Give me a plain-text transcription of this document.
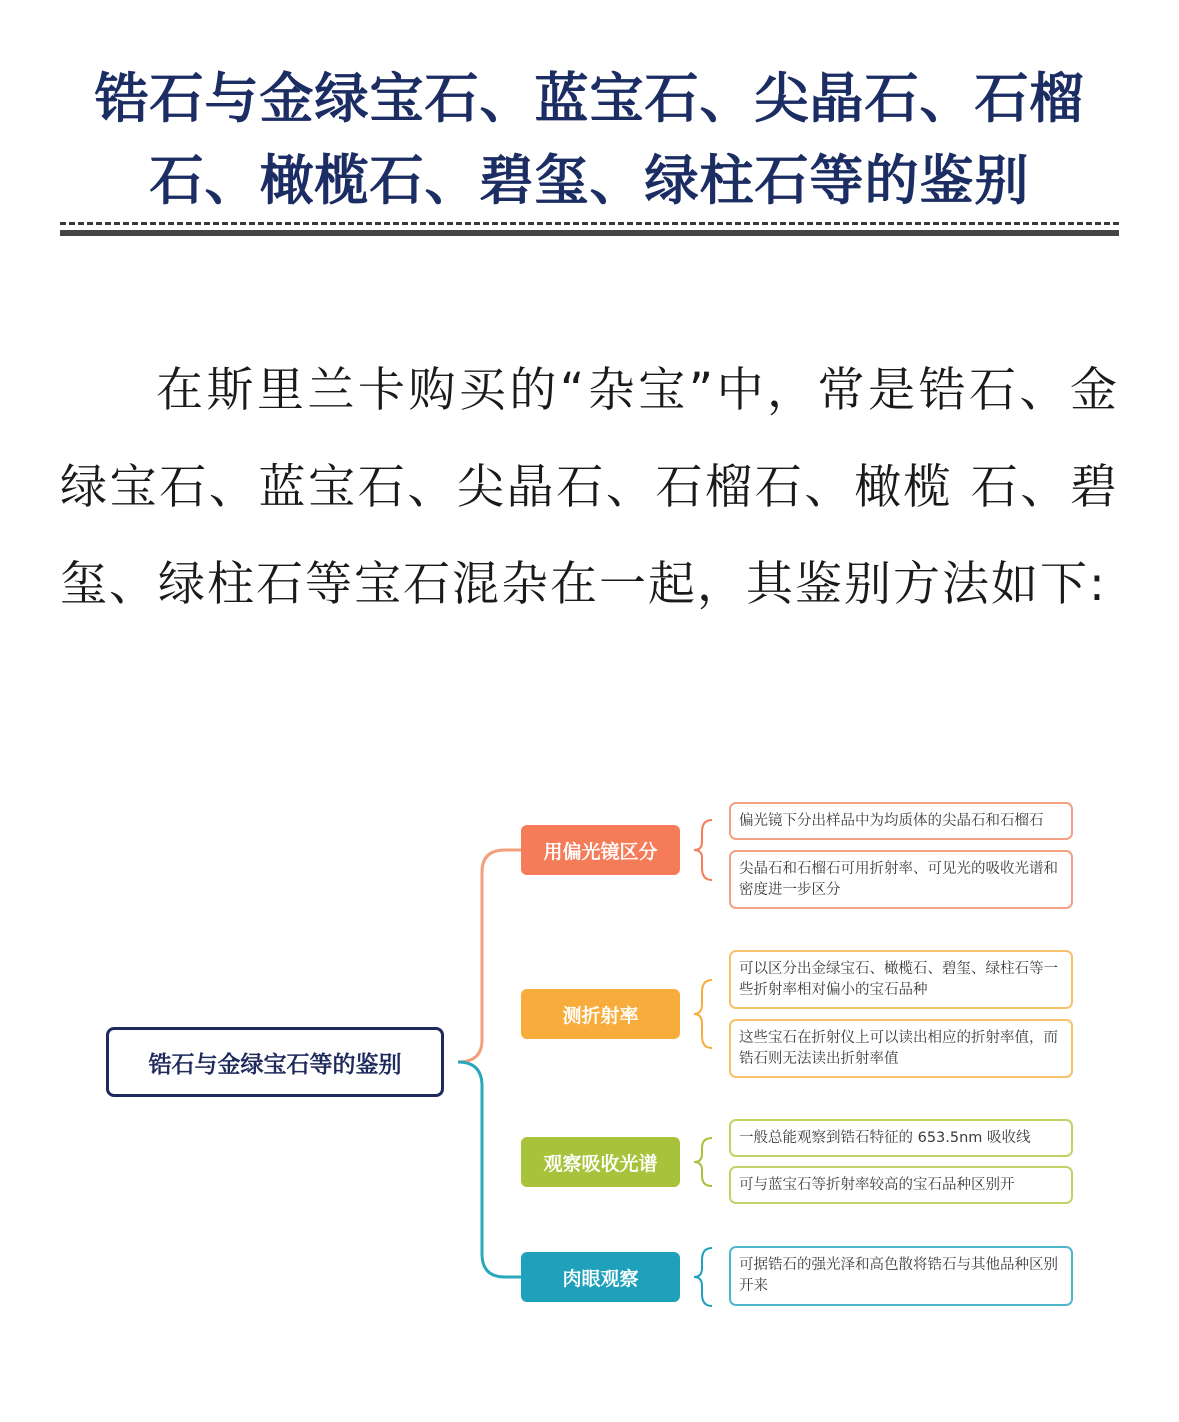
锆石与金绿宝石、蓝宝石、尖晶石、石榴石、橄榄石、碧玺、绿柱石等的鉴别
在斯里兰卡购买的“杂宝”中，常是锆石、金绿宝石、蓝宝石、尖晶石、石榴石、橄榄 石、碧玺、绿柱石等宝石混杂在一起，其鉴别方法如下:
锆石与金绿宝石等的鉴别
用偏光镜区分
测折射率
观察吸收光谱
肉眼观察
偏光镜下分出样品中为均质体的尖晶石和石榴石
尖晶石和石榴石可用折射率、可见光的吸收光谱和密度进一步区分
可以区分出金绿宝石、橄榄石、碧玺、绿柱石等一些折射率相对偏小的宝石品种
这些宝石在折射仪上可以读出相应的折射率值，而锆石则无法读出折射率值
一般总能观察到锆石特征的 653.5nm 吸收线
可与蓝宝石等折射率较高的宝石品种区别开
可据锆石的强光泽和高色散将锆石与其他品种区别开来
